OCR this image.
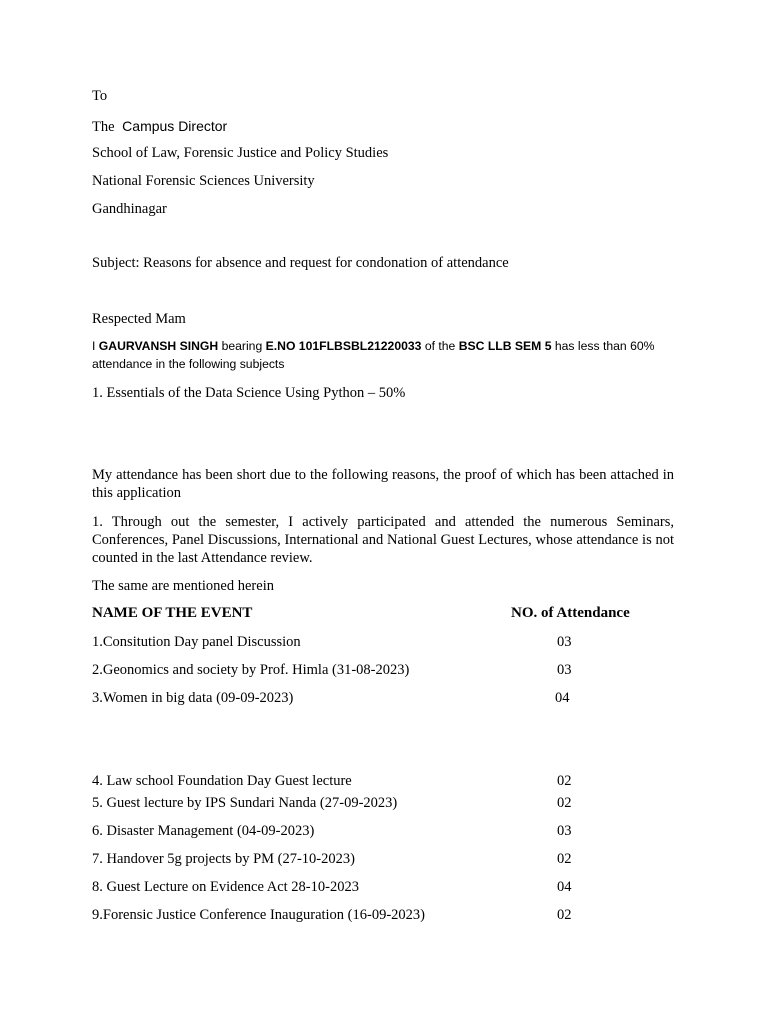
To
The Campus Director
School of Law, Forensic Justice and Policy Studies
National Forensic Sciences University
Gandhinagar
Subject: Reasons for absence and request for condonation of attendance
Respected Mam
I GAURVANSH SINGH bearing E.NO 101FLBSBL21220033 of the BSC LLB SEM 5 has less than 60%
attendance in the following subjects
1. Essentials of the Data Science Using Python – 50%
My attendance has been short due to the following reasons, the proof of which has been attached in this application
1. Through out the semester, I actively participated and attended the numerous Seminars, Conferences, Panel Discussions, International and National Guest Lectures, whose attendance is not counted in the last Attendance review.
The same are mentioned herein
NAME OF THE EVENT	NO. of Attendance
1.Consitution Day panel Discussion	03
2.Geonomics and society by Prof. Himla (31-08-2023)	03
3.Women in big data (09-09-2023)	04
4. Law school Foundation Day Guest lecture	02
5. Guest lecture by IPS Sundari Nanda (27-09-2023)	02
6. Disaster Management (04-09-2023)	03
7. Handover 5g projects by PM (27-10-2023)	02
8. Guest Lecture on Evidence Act 28-10-2023	04
9.Forensic Justice Conference Inauguration (16-09-2023)	02
